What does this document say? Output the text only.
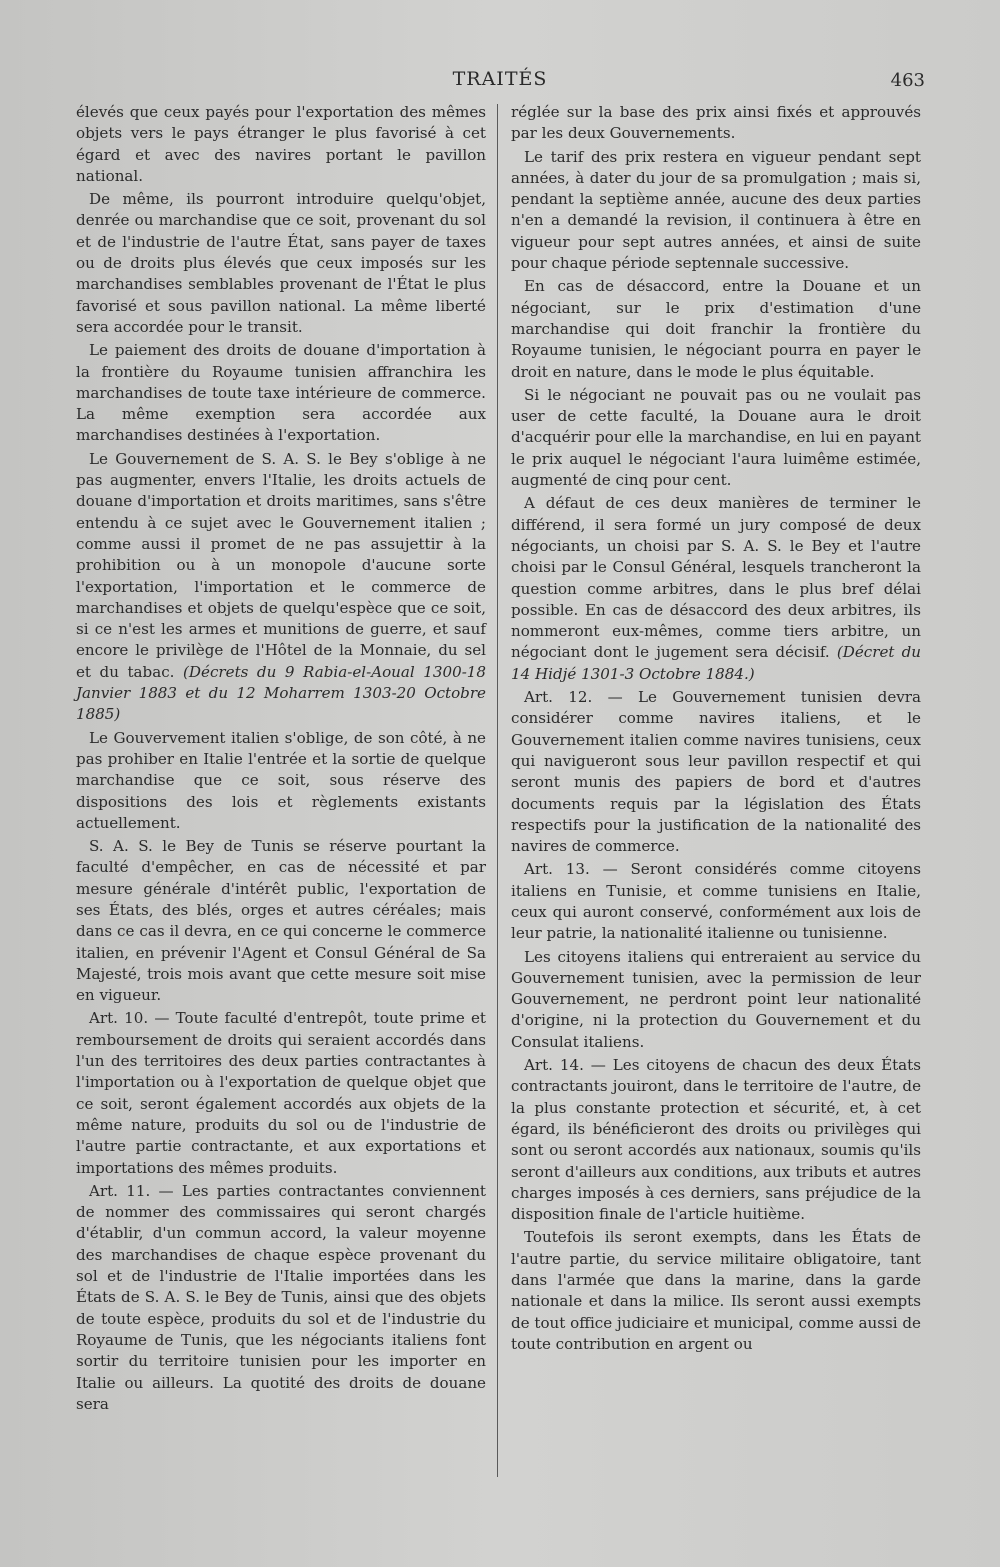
TRAITÉS	463

élevés que ceux payés pour l'exportation des mêmes objets vers le pays étranger le plus favorisé à cet égard et avec des navires portant le pavillon national.

De même, ils pourront introduire quelqu'objet, denrée ou marchandise que ce soit, provenant du sol et de l'industrie de l'autre État, sans payer de taxes ou de droits plus élevés que ceux imposés sur les marchandises semblables provenant de l'État le plus favorisé et sous pavillon national. La même liberté sera accordée pour le transit.

Le paiement des droits de douane d'importation à la frontière du Royaume tunisien affranchira les marchandises de toute taxe intérieure de commerce. La même exemption sera accordée aux marchandises destinées à l'exportation.

Le Gouvernement de S. A. S. le Bey s'oblige à ne pas augmenter, envers l'Italie, les droits actuels de douane d'importation et droits maritimes, sans s'être entendu à ce sujet avec le Gouvernement italien ; comme aussi il promet de ne pas assujettir à la prohibition ou à un monopole d'aucune sorte l'exportation, l'importation et le commerce de marchandises et objets de quelqu'espèce que ce soit, si ce n'est les armes et munitions de guerre, et sauf encore le privilège de l'Hôtel de la Monnaie, du sel et du tabac. (Décrets du 9 Rabia-el-Aoual 1300-18 Janvier 1883 et du 12 Moharrem 1303-20 Octobre 1885)

Le Gouvervement italien s'oblige, de son côté, à ne pas prohiber en Italie l'entrée et la sortie de quelque marchandise que ce soit, sous réserve des dispositions des lois et règlements existants actuellement.

S. A. S. le Bey de Tunis se réserve pourtant la faculté d'empêcher, en cas de nécessité et par mesure générale d'intérêt public, l'exportation de ses États, des blés, orges et autres céréales; mais dans ce cas il devra, en ce qui concerne le commerce italien, en prévenir l'Agent et Consul Général de Sa Majesté, trois mois avant que cette mesure soit mise en vigueur.

Art. 10. — Toute faculté d'entrepôt, toute prime et remboursement de droits qui seraient accordés dans l'un des territoires des deux parties contractantes à l'importation ou à l'exportation de quelque objet que ce soit, seront également accordés aux objets de la même nature, produits du sol ou de l'industrie de l'autre partie contractante, et aux exportations et importations des mêmes produits.

Art. 11. — Les parties contractantes conviennent de nommer des commissaires qui seront chargés d'établir, d'un commun accord, la valeur moyenne des marchandises de chaque espèce provenant du sol et de l'industrie de l'Italie importées dans les États de S. A. S. le Bey de Tunis, ainsi que des objets de toute espèce, produits du sol et de l'industrie du Royaume de Tunis, que les négociants italiens font sortir du territoire tunisien pour les importer en Italie ou ailleurs. La quotité des droits de douane sera

réglée sur la base des prix ainsi fixés et approuvés par les deux Gouvernements.

Le tarif des prix restera en vigueur pendant sept années, à dater du jour de sa promulgation ; mais si, pendant la septième année, aucune des deux parties n'en a demandé la revision, il continuera à être en vigueur pour sept autres années, et ainsi de suite pour chaque période septennale successive.

En cas de désaccord, entre la Douane et un négociant, sur le prix d'estimation d'une marchandise qui doit franchir la frontière du Royaume tunisien, le négociant pourra en payer le droit en nature, dans le mode le plus équitable.

Si le négociant ne pouvait pas ou ne voulait pas user de cette faculté, la Douane aura le droit d'acquérir pour elle la marchandise, en lui en payant le prix auquel le négociant l'aura luimême estimée, augmenté de cinq pour cent.

A défaut de ces deux manières de terminer le différend, il sera formé un jury composé de deux négociants, un choisi par S. A. S. le Bey et l'autre choisi par le Consul Général, lesquels trancheront la question comme arbitres, dans le plus bref délai possible. En cas de désaccord des deux arbitres, ils nommeront eux-mêmes, comme tiers arbitre, un négociant dont le jugement sera décisif. (Décret du 14 Hidjé 1301-3 Octobre 1884.)

Art. 12. — Le Gouvernement tunisien devra considérer comme navires italiens, et le Gouvernement italien comme navires tunisiens, ceux qui navigueront sous leur pavillon respectif et qui seront munis des papiers de bord et d'autres documents requis par la législation des États respectifs pour la justification de la nationalité des navires de commerce.

Art. 13. — Seront considérés comme citoyens italiens en Tunisie, et comme tunisiens en Italie, ceux qui auront conservé, conformément aux lois de leur patrie, la nationalité italienne ou tunisienne.

Les citoyens italiens qui entreraient au service du Gouvernement tunisien, avec la permission de leur Gouvernement, ne perdront point leur nationalité d'origine, ni la protection du Gouvernement et du Consulat italiens.

Art. 14. — Les citoyens de chacun des deux États contractants jouiront, dans le territoire de l'autre, de la plus constante protection et sécurité, et, à cet égard, ils bénéficieront des droits ou privilèges qui sont ou seront accordés aux nationaux, soumis qu'ils seront d'ailleurs aux conditions, aux tributs et autres charges imposés à ces derniers, sans préjudice de la disposition finale de l'article huitième.

Toutefois ils seront exempts, dans les États de l'autre partie, du service militaire obligatoire, tant dans l'armée que dans la marine, dans la garde nationale et dans la milice. Ils seront aussi exempts de tout office judiciaire et municipal, comme aussi de toute contribution en argent ou
